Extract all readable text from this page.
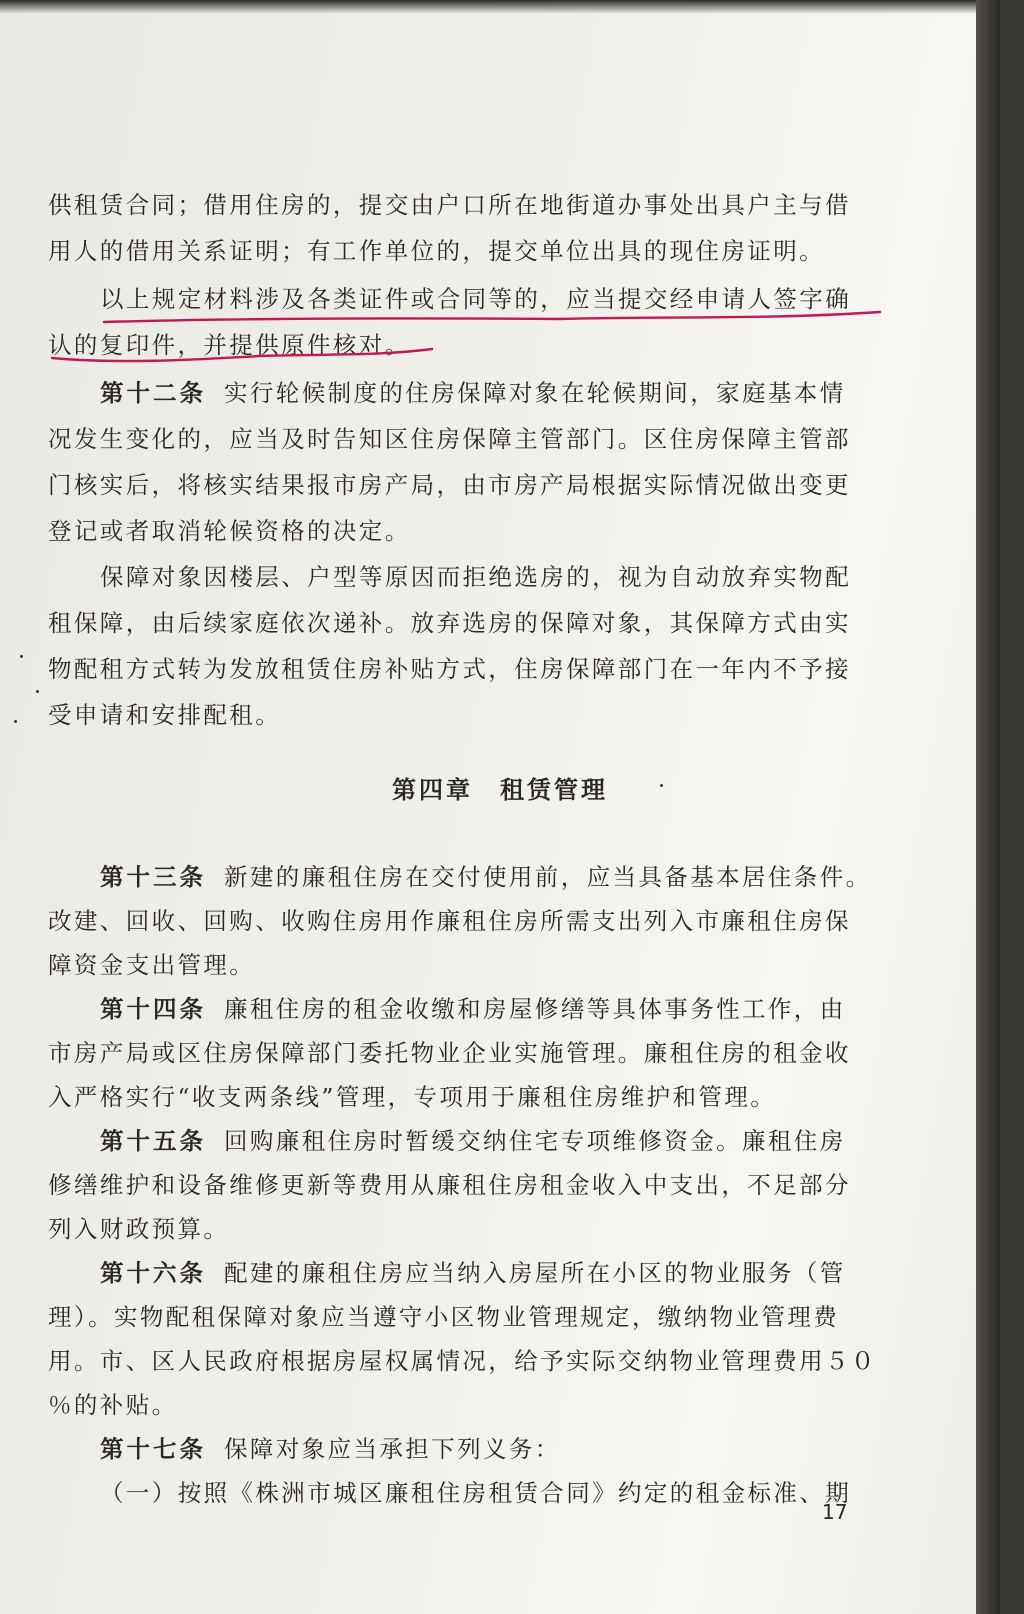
供租赁合同；借用住房的，提交由户口所在地街道办事处出具户主与借
用人的借用关系证明；有工作单位的，提交单位出具的现住房证明。
以上规定材料涉及各类证件或合同等的，应当提交经申请人签字确
认的复印件，并提供原件核对。
第十二条 实行轮候制度的住房保障对象在轮候期间，家庭基本情
况发生变化的，应当及时告知区住房保障主管部门。区住房保障主管部
门核实后，将核实结果报市房产局，由市房产局根据实际情况做出变更
登记或者取消轮候资格的决定。
保障对象因楼层、户型等原因而拒绝选房的，视为自动放弃实物配
租保障，由后续家庭依次递补。放弃选房的保障对象，其保障方式由实
物配租方式转为发放租赁住房补贴方式，住房保障部门在一年内不予接
受申请和安排配租。
第四章　租赁管理
第十三条 新建的廉租住房在交付使用前，应当具备基本居住条件。
改建、回收、回购、收购住房用作廉租住房所需支出列入市廉租住房保
障资金支出管理。
第十四条 廉租住房的租金收缴和房屋修缮等具体事务性工作，由
市房产局或区住房保障部门委托物业企业实施管理。廉租住房的租金收
入严格实行“收支两条线”管理，专项用于廉租住房维护和管理。
第十五条 回购廉租住房时暂缓交纳住宅专项维修资金。廉租住房
修缮维护和设备维修更新等费用从廉租住房租金收入中支出，不足部分
列入财政预算。
第十六条 配建的廉租住房应当纳入房屋所在小区的物业服务（管
理）。实物配租保障对象应当遵守小区物业管理规定，缴纳物业管理费
用。市、区人民政府根据房屋权属情况，给予实际交纳物业管理费用５０
％的补贴。
第十七条 保障对象应当承担下列义务：
（一）按照《株洲市城区廉租住房租赁合同》约定的租金标准、期
17
